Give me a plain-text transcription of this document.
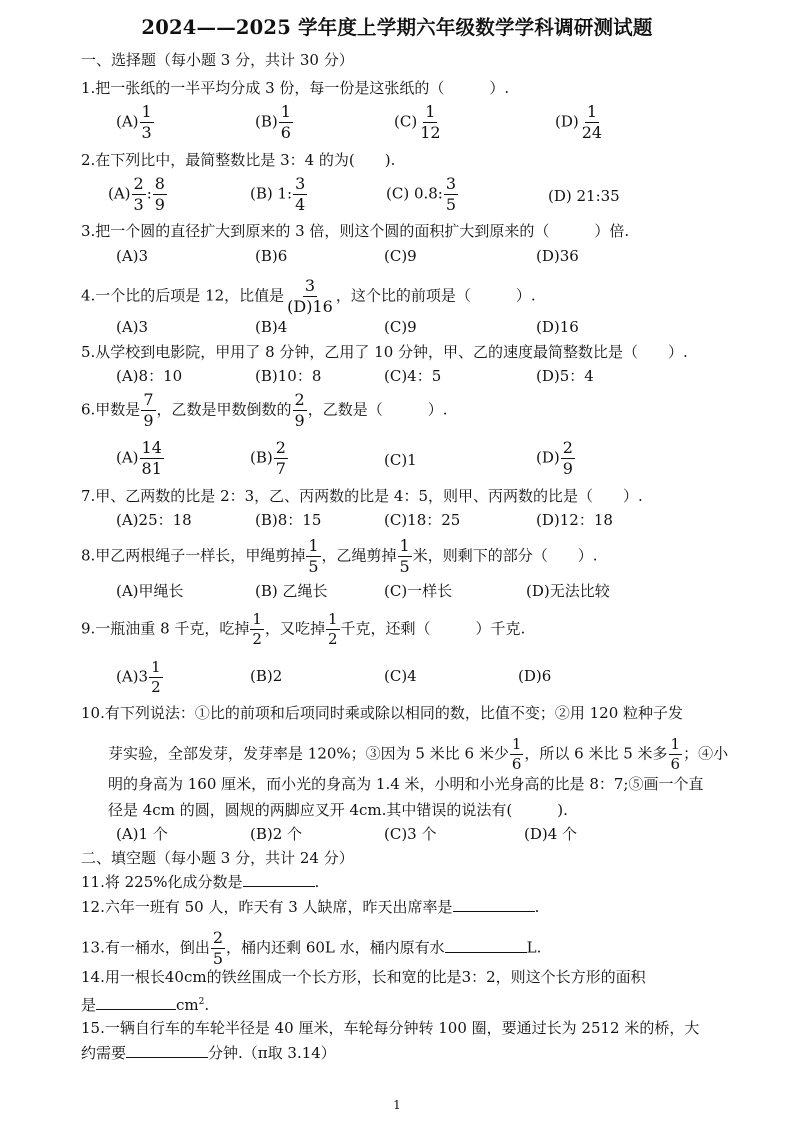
2024——2025 学年度上学期六年级数学学科调研测试题
一、选择题（每小题 3 分，共计 30 分）
1.把一张纸的一半平均分成 3 份，每一份是这张纸的（　　　）.
$(A) \frac{1}{3}$	$(B) \frac{1}{6}$	$(C) \frac{1}{12}$	$(D) \frac{1}{24}$
2.在下列比中，最简整数比是 3：4 的为(　　).
$(A) \frac{2}{3}$ : $\frac{8}{9}$	(B) 1: $\frac{3}{4}$	(C) 0.8: $\frac{3}{5}$	(D) 21:35
3.把一个圆的直径扩大到原来的 3 倍，则这个圆的面积扩大到原来的（　　　）倍.
(A)3	(B)6	(C)9	(D)36
4.一个比的后项是 12，比值是 $\frac{3}{(D)16}$ ，这个比的前项是（　　　）.
(A)3	(B)4	(C)9	(D)16
5.从学校到电影院，甲用了 8 分钟，乙用了 10 分钟，甲、乙的速度最简整数比是（　　）.
(A)8：10	(B)10：8	(C)4：5	(D)5：4
6.甲数是 $\frac{7}{9}$ ，乙数是甲数倒数的 $\frac{2}{9}$ ，乙数是（　　　）.
$(A) \frac{14}{81}$	$(B) \frac{2}{7}$	(C)1	$(D) \frac{2}{9}$
7.甲、乙两数的比是 2：3，乙、丙两数的比是 4：5，则甲、丙两数的比是（　　）.
(A)25：18	(B)8：15	(C)18：25	(D)12：18
8.甲乙两根绳子一样长，甲绳剪掉 $\frac{1}{5}$ ，乙绳剪掉 $\frac{1}{5}$ 米，则剩下的部分（　　）.
(A)甲绳长	(B) 乙绳长	(C)一样长	(D)无法比较
9.一瓶油重 8 千克，吃掉 $\frac{1}{2}$ ，又吃掉 $\frac{1}{2}$ 千克，还剩（　　　）千克.
$(A)3 \frac{1}{2}$	(B)2	(C)4	(D)6
10.有下列说法：①比的前项和后项同时乘或除以相同的数，比值不变；②用 120 粒种子发
芽实验，全部发芽，发芽率是 120%；③因为 5 米比 6 米少 $\frac{1}{6}$ ，所以 6 米比 5 米多 $\frac{1}{6}$ ；④小
明的身高为 160 厘米，而小光的身高为 1.4 米，小明和小光身高的比是 8：7;⑤画一个直
径是 4cm 的圆，圆规的两脚应叉开 4cm.其中错误的说法有(　　　).
(A)1 个	(B)2 个	(C)3 个	(D)4 个
二、填空题（每小题 3 分，共计 24 分）
11.将 225%化成分数是	.
12.六年一班有 50 人，昨天有 3 人缺席，昨天出席率是	.
13.有一桶水，倒出 $\frac{2}{5}$ ，桶内还剩 60L 水，桶内原有水	L.
14.用一根长40cm的铁丝围成一个长方形，长和宽的比是3：2，则这个长方形的面积
是	$cm^2$.
15.一辆自行车的车轮半径是 40 厘米，车轮每分钟转 100 圈，要通过长为 2512 米的桥，大
约需要	分钟.（π取 3.14）
1
